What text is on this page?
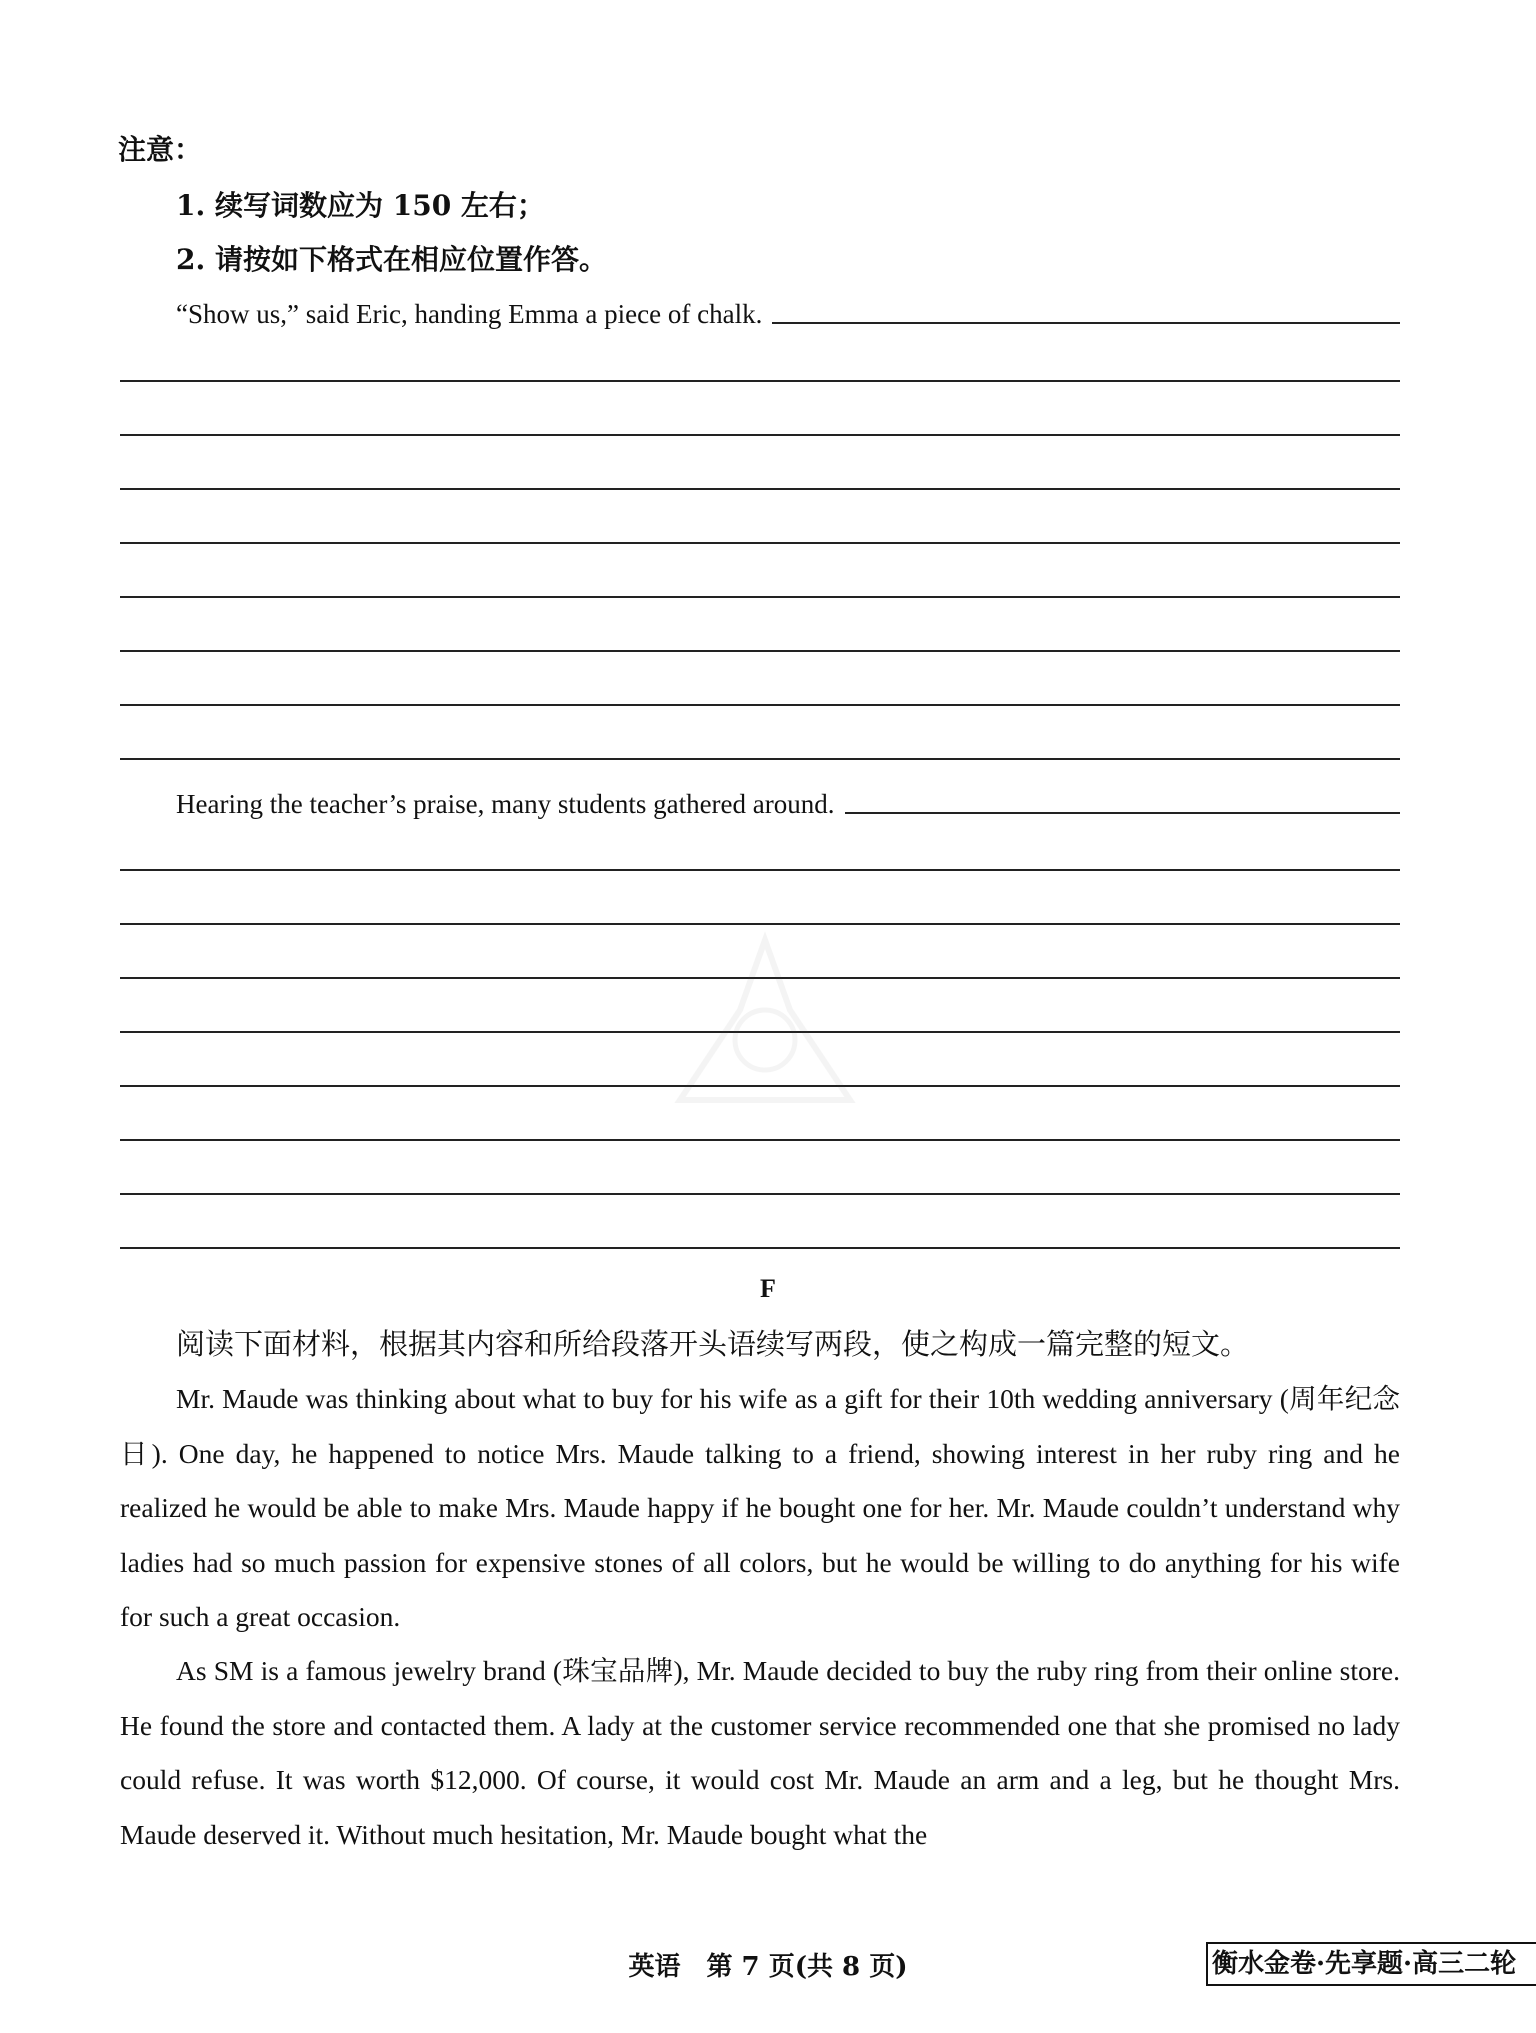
注意：
1. 续写词数应为 150 左右；
2. 请按如下格式在相应位置作答。
“Show us,” said Eric, handing Emma a piece of chalk.
Hearing the teacher’s praise, many students gathered around.
F
阅读下面材料，根据其内容和所给段落开头语续写两段，使之构成一篇完整的短文。
Mr. Maude was thinking about what to buy for his wife as a gift for their 10th wedding anniversary (周年纪念日). One day, he happened to notice Mrs. Maude talking to a friend, showing interest in her ruby ring and he realized he would be able to make Mrs. Maude happy if he bought one for her. Mr. Maude couldn’t understand why ladies had so much passion for expensive stones of all colors, but he would be willing to do anything for his wife for such a great occasion.
As SM is a famous jewelry brand (珠宝品牌), Mr. Maude decided to buy the ruby ring from their online store. He found the store and contacted them. A lady at the customer service recommended one that she promised no lady could refuse. It was worth $12,000. Of course, it would cost Mr. Maude an arm and a leg, but he thought Mrs. Maude deserved it. Without much hesitation, Mr. Maude bought what the
英语　第 7 页(共 8 页)	衡水金卷·先享题·高三二轮
